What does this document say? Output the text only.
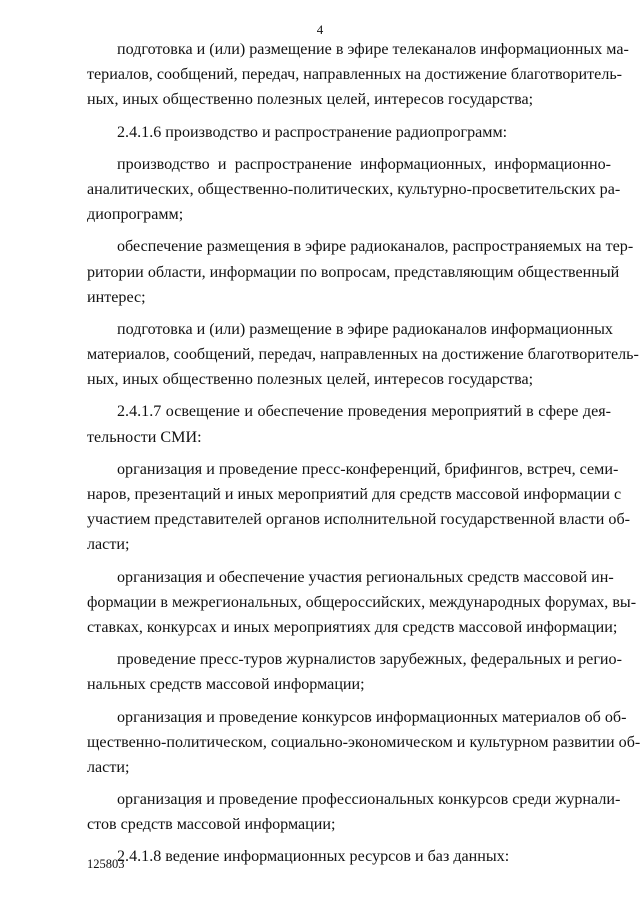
4
подготовка и (или) размещение в эфире телеканалов информационных ма-
териалов, сообщений, передач, направленных на достижение благотворитель-
ных, иных общественно полезных целей, интересов государства;
2.4.1.6 производство и распространение радиопрограмм:
производство и распространение информационных, информационно-
аналитических, общественно-политических, культурно-просветительских ра-
диопрограмм;
обеспечение размещения в эфире радиоканалов, распространяемых на тер-
ритории области, информации по вопросам, представляющим общественный
интерес;
подготовка и (или) размещение в эфире радиоканалов информационных
материалов, сообщений, передач, направленных на достижение благотворитель-
ных, иных общественно полезных целей, интересов государства;
2.4.1.7 освещение и обеспечение проведения мероприятий в сфере дея-
тельности СМИ:
организация и проведение пресс-конференций, брифингов, встреч, семи-
наров, презентаций и иных мероприятий для средств массовой информации с
участием представителей органов исполнительной государственной власти об-
ласти;
организация и обеспечение участия региональных средств массовой ин-
формации в межрегиональных, общероссийских, международных форумах, вы-
ставках, конкурсах и иных мероприятиях для средств массовой информации;
проведение пресс-туров журналистов зарубежных, федеральных и регио-
нальных средств массовой информации;
организация и проведение конкурсов информационных материалов об об-
щественно-политическом, социально-экономическом и культурном развитии об-
ласти;
организация и проведение профессиональных конкурсов среди журнали-
стов средств массовой информации;
2.4.1.8 ведение информационных ресурсов и баз данных:
125803
